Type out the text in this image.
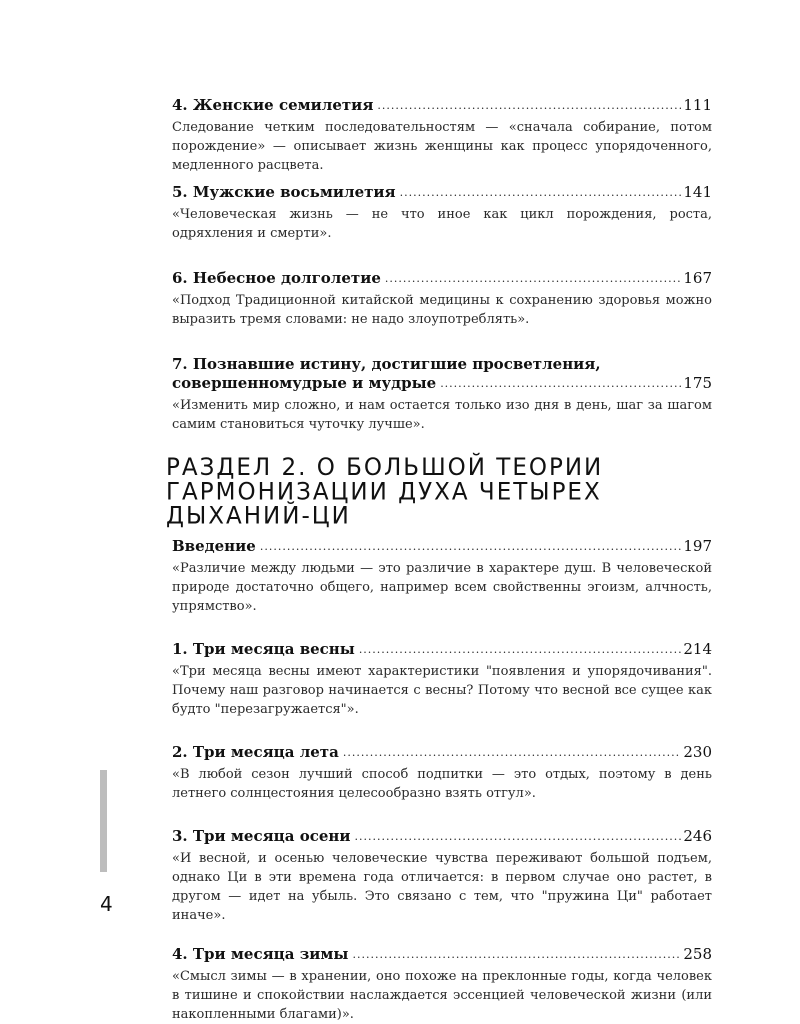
4. Женские семилетия .....	111

Следование четким последовательностям — «сначала собирание, потом порождение» — описывает жизнь женщины как процесс упорядоченного, медленного расцвета.

5. Мужские восьмилетия .....	141

«Человеческая жизнь — не что иное как цикл порождения, роста, одряхления и смерти».

6. Небесное долголетие .....	167

«Подход Традиционной китайской медицины к сохранению здоровья можно выразить тремя словами: не надо злоупотреблять».

7. Познавшие истину, достигшие просветления,
совершенномудрые и мудрые .....	175

«Изменить мир сложно, и нам остается только изо дня в день, шаг за шагом самим становиться чуточку лучше».

РАЗДЕЛ 2. О БОЛЬШОЙ ТЕОРИИ ГАРМОНИЗАЦИИ ДУХА ЧЕТЫРЕХ ДЫХАНИЙ-ЦИ
Введение .....	197

«Различие между людьми — это различие в характере душ. В человеческой природе достаточно общего, например всем свойственны эгоизм, алчность, упрямство».

1. Три месяца весны .....	214

«Три месяца весны имеют характеристики "появления и упорядочивания". Почему наш разговор начинается с весны? Потому что весной все сущее как будто "перезагружается"».

2. Три месяца лета .....	230

«В любой сезон лучший способ подпитки — это отдых, поэтому в день летнего солнцестояния целесообразно взять отгул».

3. Три месяца осени .....	246

«И весной, и осенью человеческие чувства переживают большой подъем, однако Ци в эти времена года отличается: в первом случае оно растет, в другом — идет на убыль. Это связано с тем, что "пружина Ци" работает иначе».

4. Три месяца зимы .....	258

«Смысл зимы — в хранении, оно похоже на преклонные годы, когда человек в тишине и спокойствии наслаждается эссенцией человеческой жизни (или накопленными благами)».

4
